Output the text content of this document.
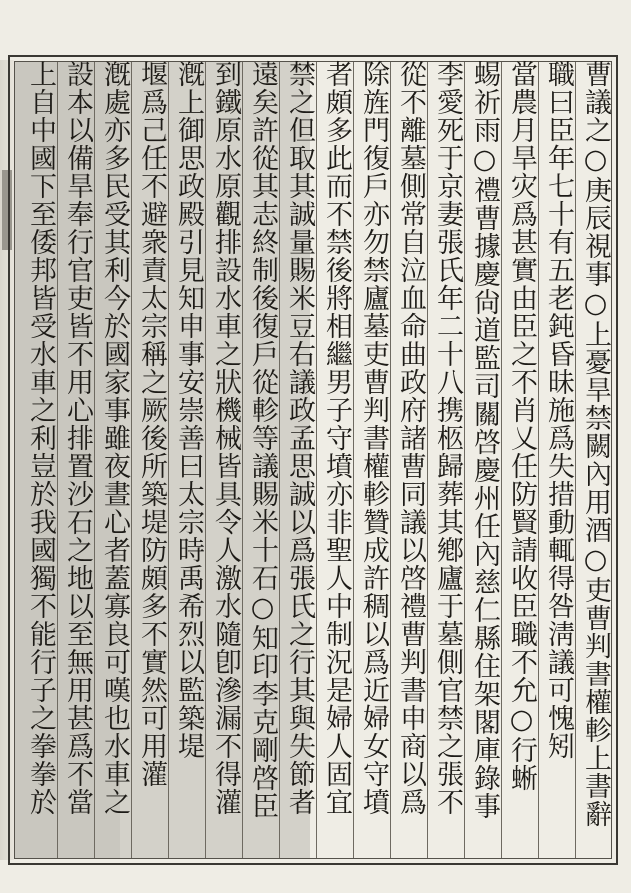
曹議之○庚辰視事○上憂旱禁闕內用酒○吏曹判書權軫上書辭
職曰臣年七十有五老鈍昏昧施爲失措動輒得咎淸議可愧矧
當農月旱灾爲甚實由臣之不肖乂任防賢請收臣職不允○行蜥
蜴祈雨○禮曹據慶尙道監司關啓慶州任內慈仁縣住架閣庫錄事
李愛死于京妻張氏年二十八携柩歸葬其鄕廬于墓側官禁之張不
從不離墓側常自泣血命曲政府諸曹同議以啓禮曹判書申商以爲
除旌門復戶亦勿禁廬墓吏曹判書權軫贊成許稠以爲近婦女守墳
者頗多此而不禁後將相繼男子守墳亦非聖人中制況是婦人固宜
禁之但取其誠量賜米豆右議政孟思誠以爲張氏之行其與失節者
遠矣許從其志終制後復戶從軫等議賜米十石○知印李克剛啓臣
到鐵原水原觀排設水車之狀機械皆具令人激水隨卽滲漏不得灌
漑上御思政殿引見知申事安崇善曰太宗時禹希烈以監築堤
堰爲己任不避衆責太宗稱之厥後所築堤防頗多不實然可用灌
漑處亦多民受其利今於國家事雖夜晝心者蓋寡良可嘆也水車之
設本以備旱奉行官吏皆不用心排置沙石之地以至無用甚爲不當
上自中國下至倭邦皆受水車之利豈於我國獨不能行子之拳拳於
